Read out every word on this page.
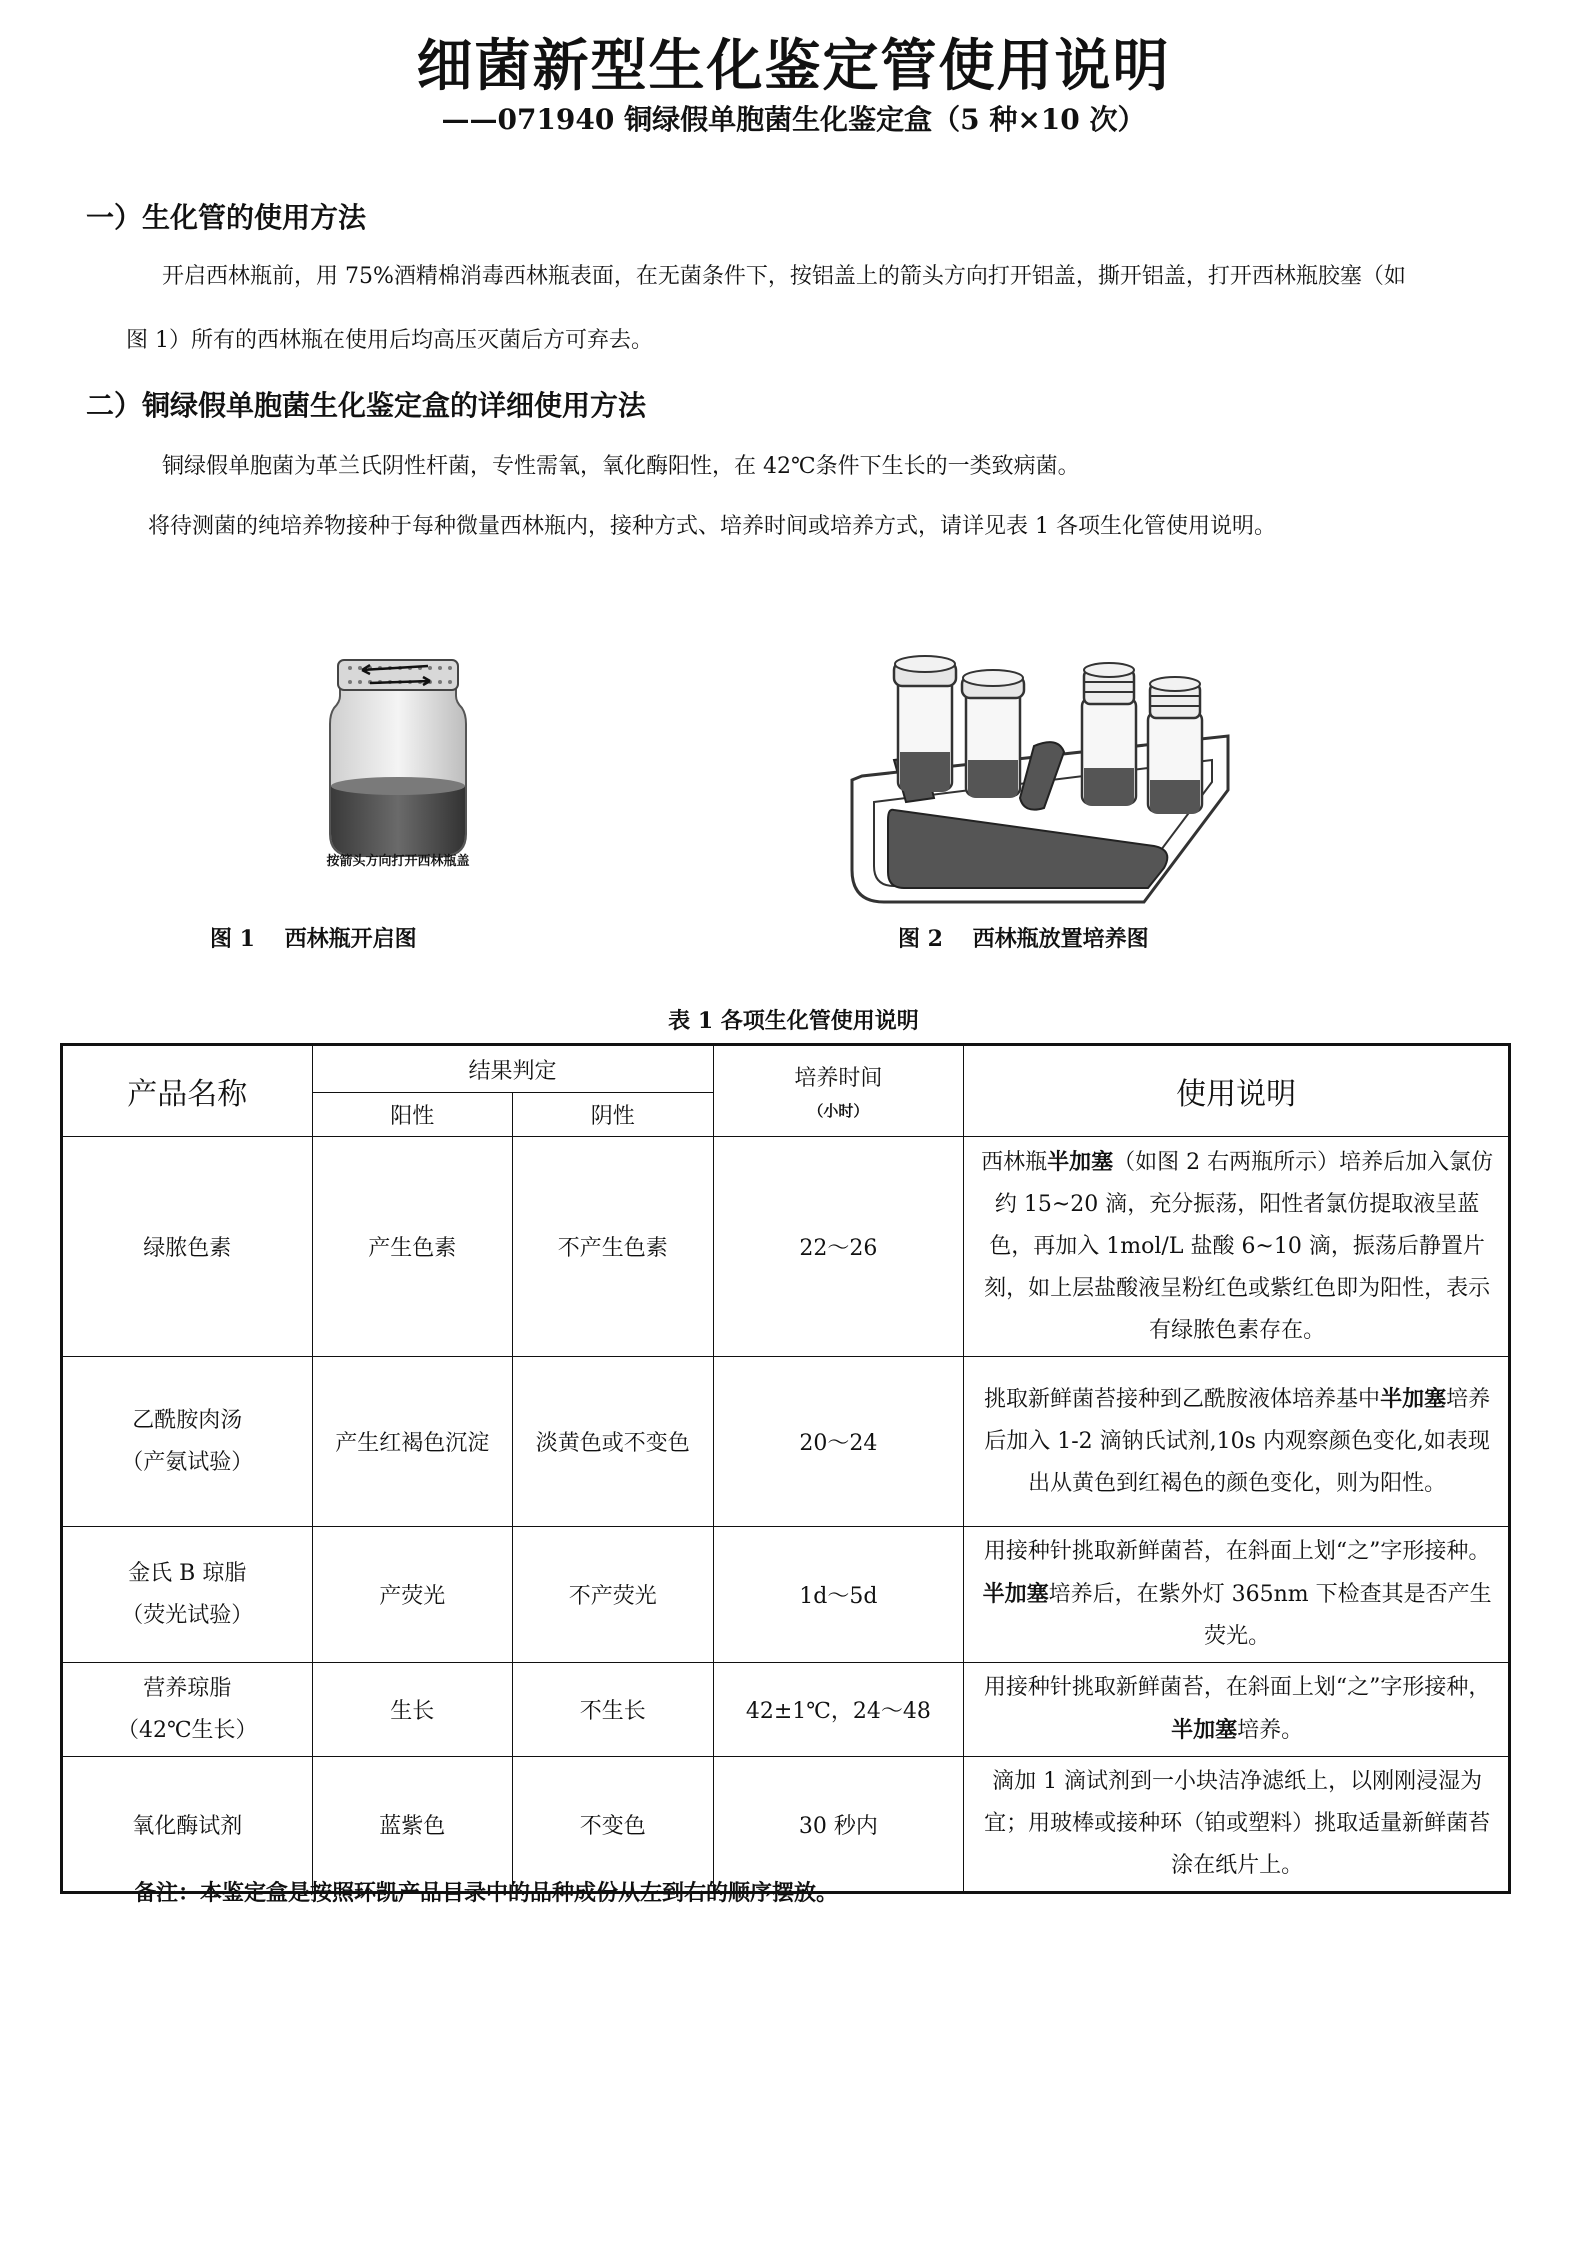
细菌新型生化鉴定管使用说明
——071940 铜绿假单胞菌生化鉴定盒（5 种×10 次）
一）生化管的使用方法
开启西林瓶前，用 75%酒精棉消毒西林瓶表面，在无菌条件下，按铝盖上的箭头方向打开铝盖，撕开铝盖，打开西林瓶胶塞（如
图 1）所有的西林瓶在使用后均高压灭菌后方可弃去。
二）铜绿假单胞菌生化鉴定盒的详细使用方法
铜绿假单胞菌为革兰氏阴性杆菌，专性需氧，氧化酶阳性，在 42℃条件下生长的一类致病菌。
将待测菌的纯培养物接种于每种微量西林瓶内，接种方式、培养时间或培养方式，请详见表 1 各项生化管使用说明。
按箭头方向打开西林瓶盖
图 1　 西林瓶开启图	图 2　 西林瓶放置培养图
表 1 各项生化管使用说明
产品名称	结果判定		培养时间
（小时）	使用说明
	阳性	阴性		
绿脓色素	产生色素	不产生色素	22～26	西林瓶半加塞（如图 2 右两瓶所示）培养后加入氯仿约 15~20 滴，充分振荡，阳性者氯仿提取液呈蓝色，再加入 1mol/L 盐酸 6~10 滴，振荡后静置片刻，如上层盐酸液呈粉红色或紫红色即为阳性，表示有绿脓色素存在。

乙酰胺肉汤
（产氨试验）	产生红褐色沉淀	淡黄色或不变色	20～24	挑取新鲜菌苔接种到乙酰胺液体培养基中半加塞培养后加入 1-2 滴钠氏试剂,10s 内观察颜色变化,如表现出从黄色到红褐色的颜色变化，则为阳性。

金氏 B 琼脂
（荧光试验）	产荧光	不产荧光	1d～5d	用接种针挑取新鲜菌苔，在斜面上划“之”字形接种。半加塞培养后，在紫外灯 365nm 下检查其是否产生荧光。

营养琼脂
（42℃生长）	生长	不生长	42±1℃，24～48	用接种针挑取新鲜菌苔，在斜面上划“之”字形接种，半加塞培养。
氧化酶试剂	蓝紫色	不变色	30 秒内	滴加 1 滴试剂到一小块洁净滤纸上，以刚刚浸湿为宜；用玻棒或接种环（铂或塑料）挑取适量新鲜菌苔涂在纸片上。
备注：本鉴定盒是按照环凯产品目录中的品种成份从左到右的顺序摆放。
